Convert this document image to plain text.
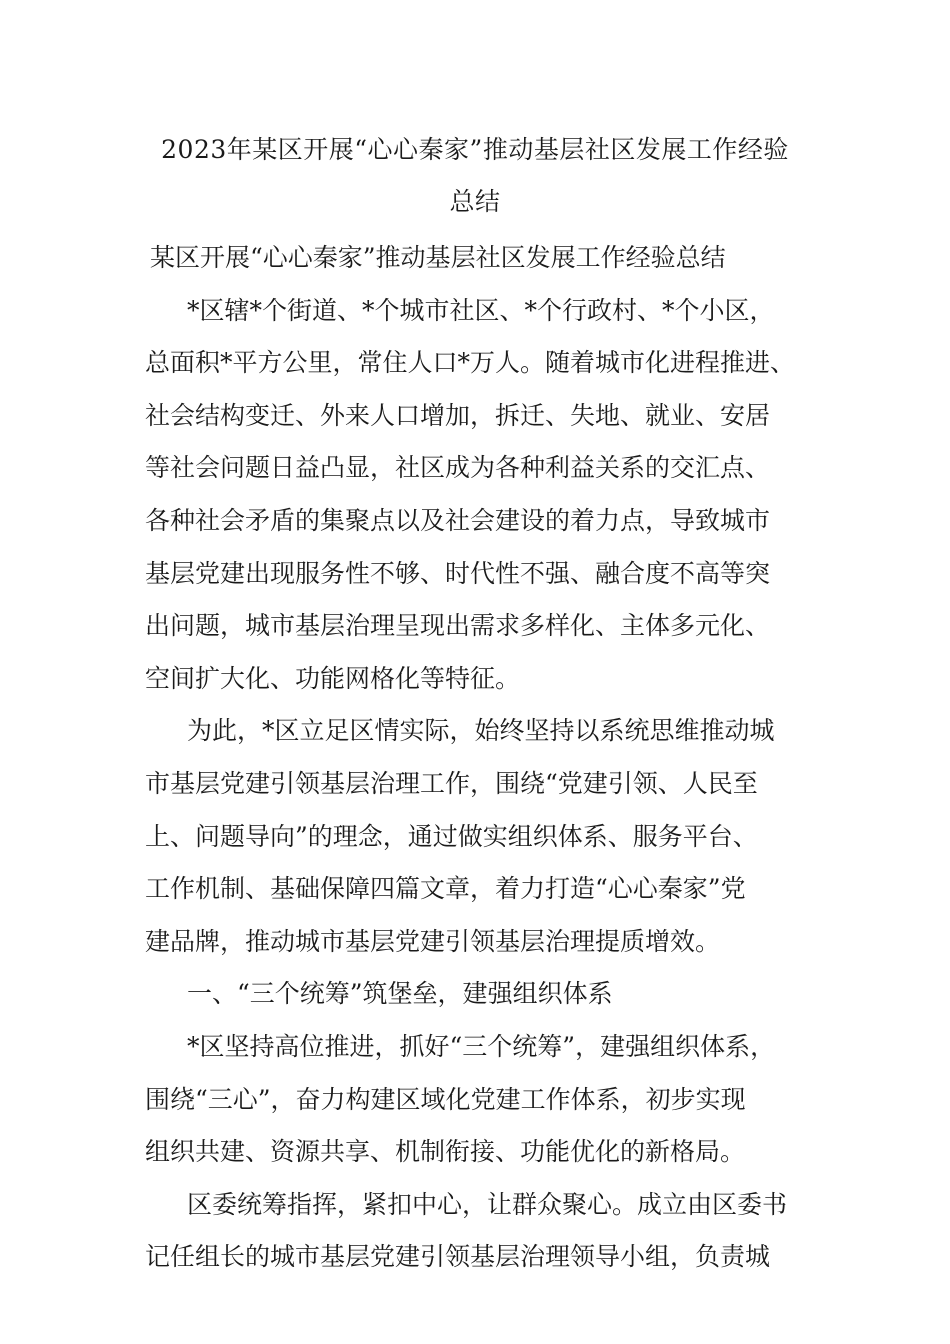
2023年某区开展“心心秦家”推动基层社区发展工作经验
总结
某区开展“心心秦家”推动基层社区发展工作经验总结
*区辖*个街道、*个城市社区、*个行政村、*个小区，
总面积*平方公里，常住人口*万人。随着城市化进程推进、
社会结构变迁、外来人口增加，拆迁、失地、就业、安居
等社会问题日益凸显，社区成为各种利益关系的交汇点、
各种社会矛盾的集聚点以及社会建设的着力点，导致城市
基层党建出现服务性不够、时代性不强、融合度不高等突
出问题，城市基层治理呈现出需求多样化、主体多元化、
空间扩大化、功能网格化等特征。
为此，*区立足区情实际，始终坚持以系统思维推动城
市基层党建引领基层治理工作，围绕“党建引领、人民至
上、问题导向”的理念，通过做实组织体系、服务平台、
工作机制、基础保障四篇文章，着力打造“心心秦家”党
建品牌，推动城市基层党建引领基层治理提质增效。
一、“三个统筹”筑堡垒，建强组织体系
*区坚持高位推进，抓好“三个统筹”，建强组织体系，
围绕“三心”，奋力构建区域化党建工作体系，初步实现
组织共建、资源共享、机制衔接、功能优化的新格局。
区委统筹指挥，紧扣中心，让群众聚心。成立由区委书
记任组长的城市基层党建引领基层治理领导小组，负责城
